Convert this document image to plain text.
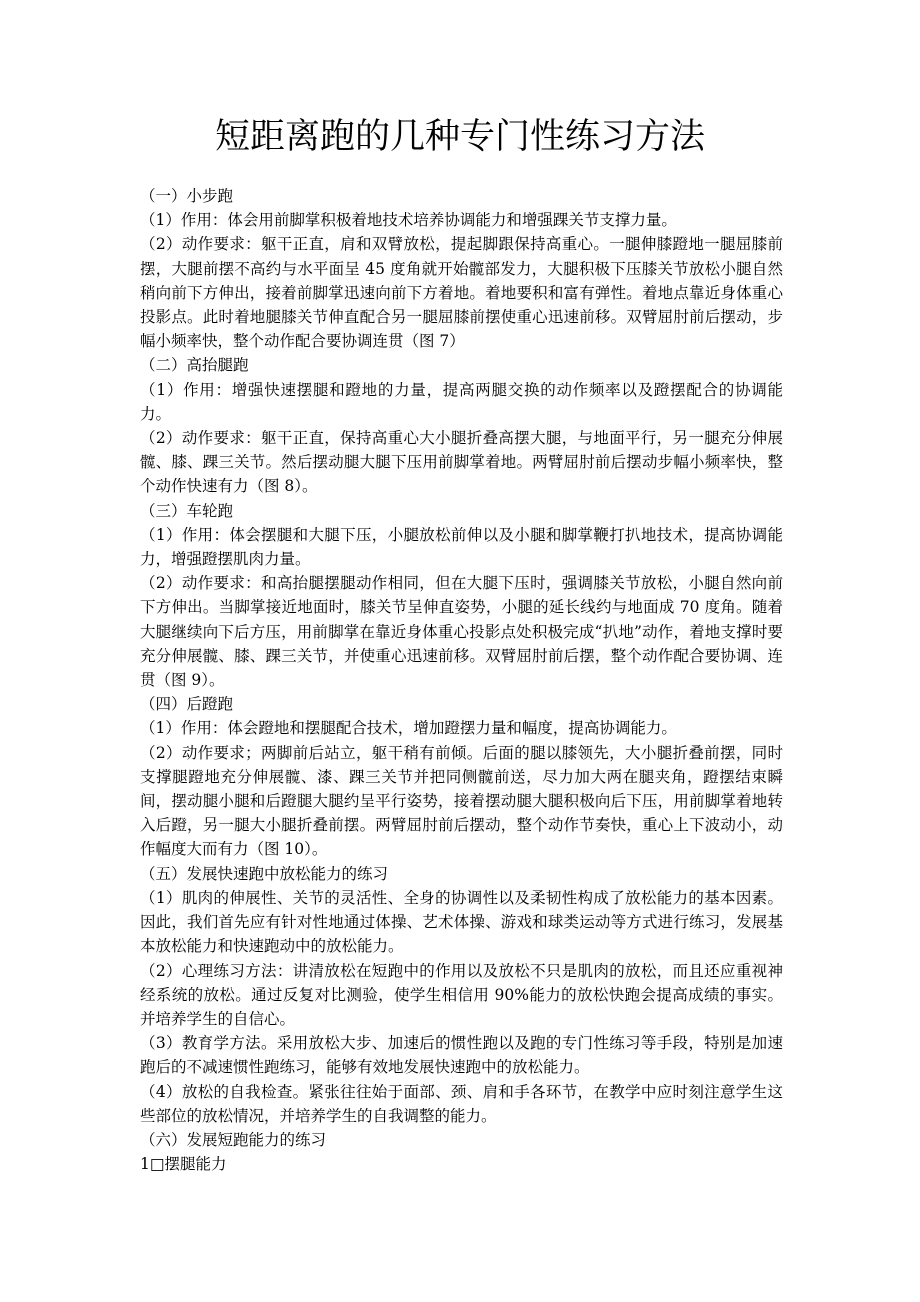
短距离跑的几种专门性练习方法

（一）小步跑

（1）作用：体会用前脚掌积极着地技术培养协调能力和增强踝关节支撑力量。

（2）动作要求：躯干正直，肩和双臂放松，提起脚跟保持高重心。一腿伸膝蹬地一腿屈膝前摆，大腿前摆不高约与水平面呈 45 度角就开始髋部发力，大腿积极下压膝关节放松小腿自然稍向前下方伸出，接着前脚掌迅速向前下方着地。着地要积和富有弹性。着地点靠近身体重心投影点。此时着地腿膝关节伸直配合另一腿屈膝前摆使重心迅速前移。双臂屈肘前后摆动，步幅小频率快，整个动作配合要协调连贯（图 7）

（二）高抬腿跑

（1）作用：增强快速摆腿和蹬地的力量，提高两腿交换的动作频率以及蹬摆配合的协调能力。

（2）动作要求：躯干正直，保持高重心大小腿折叠高摆大腿，与地面平行，另一腿充分伸展髋、膝、踝三关节。然后摆动腿大腿下压用前脚掌着地。两臂屈肘前后摆动步幅小频率快，整个动作快速有力（图 8）。

（三）车轮跑

（1）作用：体会摆腿和大腿下压，小腿放松前伸以及小腿和脚掌鞭打扒地技术，提高协调能力，增强蹬摆肌肉力量。

（2）动作要求：和高抬腿摆腿动作相同，但在大腿下压时，强调膝关节放松，小腿自然向前下方伸出。当脚掌接近地面时，膝关节呈伸直姿势，小腿的延长线约与地面成 70 度角。随着大腿继续向下后方压，用前脚掌在靠近身体重心投影点处积极完成“扒地”动作，着地支撑时要充分伸展髋、膝、踝三关节，并使重心迅速前移。双臂屈肘前后摆，整个动作配合要协调、连贯（图 9）。

（四）后蹬跑

（1）作用：体会蹬地和摆腿配合技术，增加蹬摆力量和幅度，提高协调能力。

（2）动作要求；两脚前后站立，躯干稍有前倾。后面的腿以膝领先，大小腿折叠前摆，同时支撑腿蹬地充分伸展髋、漆、踝三关节并把同侧髋前送，尽力加大两在腿夹角，蹬摆结束瞬间，摆动腿小腿和后蹬腿大腿约呈平行姿势，接着摆动腿大腿积极向后下压，用前脚掌着地转入后蹬，另一腿大小腿折叠前摆。两臂屈肘前后摆动，整个动作节奏快，重心上下波动小，动作幅度大而有力（图 10）。

（五）发展快速跑中放松能力的练习

（1）肌肉的伸展性、关节的灵活性、全身的协调性以及柔韧性构成了放松能力的基本因素。因此，我们首先应有针对性地通过体操、艺术体操、游戏和球类运动等方式进行练习，发展基本放松能力和快速跑动中的放松能力。

（2）心理练习方法：讲清放松在短跑中的作用以及放松不只是肌肉的放松，而且还应重视神经系统的放松。通过反复对比测验，使学生相信用 90%能力的放松快跑会提高成绩的事实。并培养学生的自信心。

（3）教育学方法。采用放松大步、加速后的惯性跑以及跑的专门性练习等手段，特别是加速跑后的不减速惯性跑练习，能够有效地发展快速跑中的放松能力。

（4）放松的自我检查。紧张往往始于面部、颈、肩和手各环节，在教学中应时刻注意学生这些部位的放松情况，并培养学生的自我调整的能力。

（六）发展短跑能力的练习

1□摆腿能力
